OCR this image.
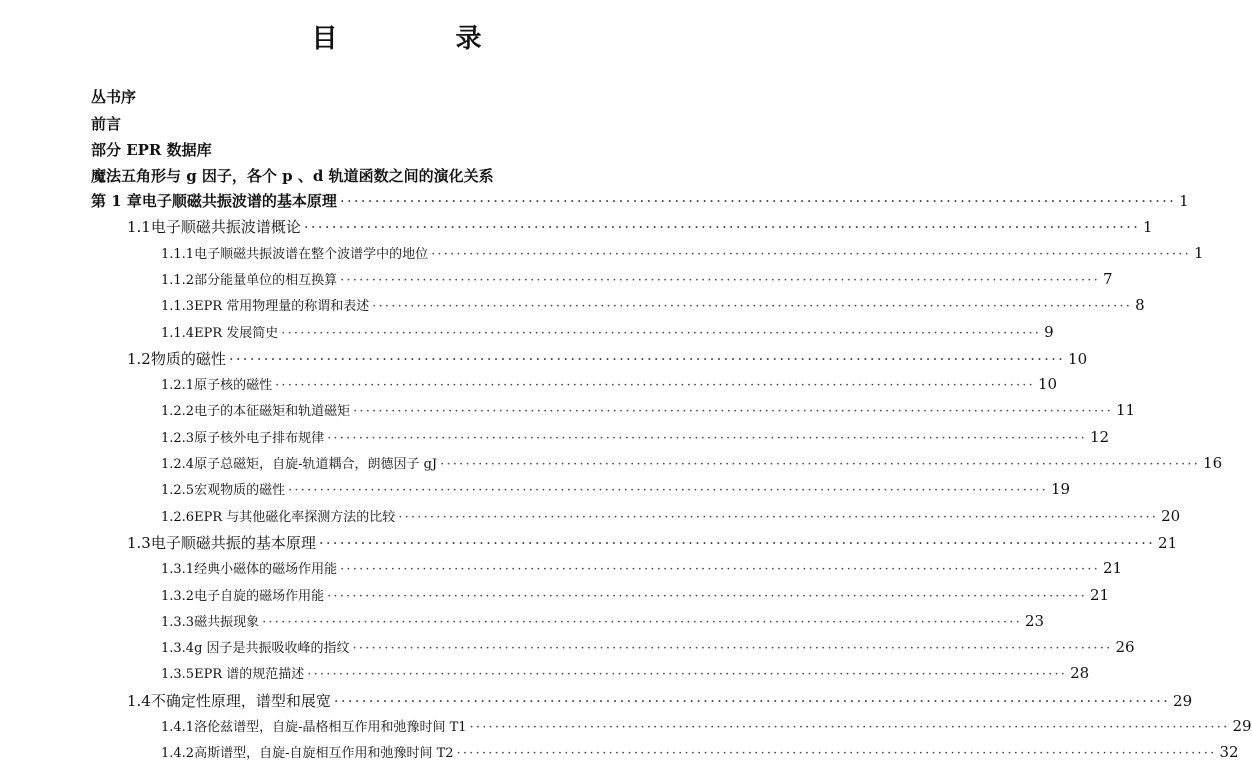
目　录
丛书序
前言
部分 EPR 数据库
魔法五角形与 g 因子，各个 p 、d 轨道函数之间的演化关系
第 1 章 电子顺磁共振波谱的基本原理 ························································································································ 1
1.1 电子顺磁共振波谱概论 ························································································································ 1
1.1.1 电子顺磁共振波谱在整个波谱学中的地位 ························································································································ 1
1.1.2 部分能量单位的相互换算 ························································································································ 7
1.1.3 EPR 常用物理量的称谓和表述 ························································································································ 8
1.1.4 EPR 发展简史 ························································································································ 9
1.2 物质的磁性 ························································································································ 10
1.2.1 原子核的磁性 ························································································································ 10
1.2.2 电子的本征磁矩和轨道磁矩 ························································································································ 11
1.2.3 原子核外电子排布规律 ························································································································ 12
1.2.4 原子总磁矩，自旋-轨道耦合，朗德因子 gJ ························································································································ 16
1.2.5 宏观物质的磁性 ························································································································ 19
1.2.6 EPR 与其他磁化率探测方法的比较 ························································································································ 20
1.3 电子顺磁共振的基本原理 ························································································································ 21
1.3.1 经典小磁体的磁场作用能 ························································································································ 21
1.3.2 电子自旋的磁场作用能 ························································································································ 21
1.3.3 磁共振现象 ························································································································ 23
1.3.4 g 因子是共振吸收峰的指纹 ························································································································ 26
1.3.5 EPR 谱的规范描述 ························································································································ 28
1.4 不确定性原理，谱型和展宽 ························································································································ 29
1.4.1 洛伦兹谱型，自旋-晶格相互作用和弛豫时间 T1 ························································································································ 29
1.4.2 高斯谱型，自旋-自旋相互作用和弛豫时间 T2 ························································································································ 32
